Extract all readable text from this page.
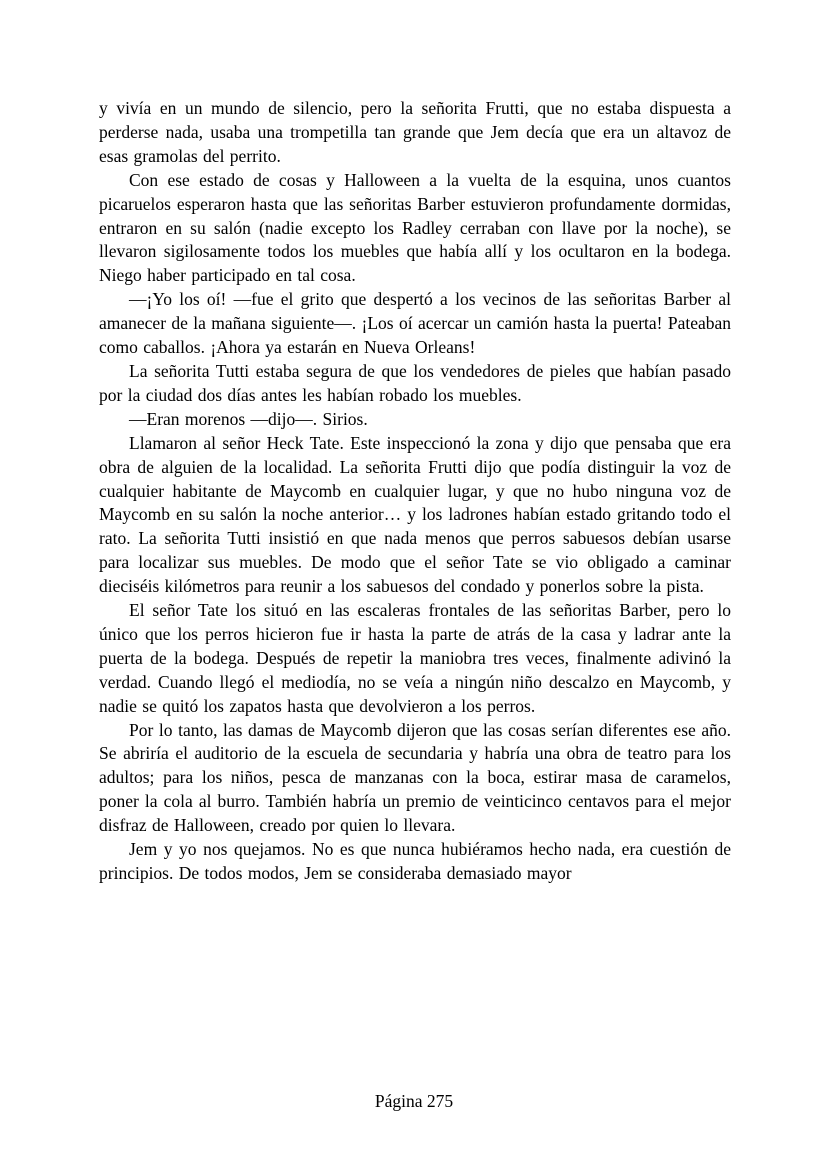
y vivía en un mundo de silencio, pero la señorita Frutti, que no estaba dispuesta a perderse nada, usaba una trompetilla tan grande que Jem decía que era un altavoz de esas gramolas del perrito.

Con ese estado de cosas y Halloween a la vuelta de la esquina, unos cuantos picaruelos esperaron hasta que las señoritas Barber estuvieron profundamente dormidas, entraron en su salón (nadie excepto los Radley cerraban con llave por la noche), se llevaron sigilosamente todos los muebles que había allí y los ocultaron en la bodega. Niego haber participado en tal cosa.

—¡Yo los oí! —fue el grito que despertó a los vecinos de las señoritas Barber al amanecer de la mañana siguiente—. ¡Los oí acercar un camión hasta la puerta! Pateaban como caballos. ¡Ahora ya estarán en Nueva Orleans!

La señorita Tutti estaba segura de que los vendedores de pieles que habían pasado por la ciudad dos días antes les habían robado los muebles.

—Eran morenos —dijo—. Sirios.

Llamaron al señor Heck Tate. Este inspeccionó la zona y dijo que pensaba que era obra de alguien de la localidad. La señorita Frutti dijo que podía distinguir la voz de cualquier habitante de Maycomb en cualquier lugar, y que no hubo ninguna voz de Maycomb en su salón la noche anterior… y los ladrones habían estado gritando todo el rato. La señorita Tutti insistió en que nada menos que perros sabuesos debían usarse para localizar sus muebles. De modo que el señor Tate se vio obligado a caminar dieciséis kilómetros para reunir a los sabuesos del condado y ponerlos sobre la pista.

El señor Tate los situó en las escaleras frontales de las señoritas Barber, pero lo único que los perros hicieron fue ir hasta la parte de atrás de la casa y ladrar ante la puerta de la bodega. Después de repetir la maniobra tres veces, finalmente adivinó la verdad. Cuando llegó el mediodía, no se veía a ningún niño descalzo en Maycomb, y nadie se quitó los zapatos hasta que devolvieron a los perros.

Por lo tanto, las damas de Maycomb dijeron que las cosas serían diferentes ese año. Se abriría el auditorio de la escuela de secundaria y habría una obra de teatro para los adultos; para los niños, pesca de manzanas con la boca, estirar masa de caramelos, poner la cola al burro. También habría un premio de veinticinco centavos para el mejor disfraz de Halloween, creado por quien lo llevara.

Jem y yo nos quejamos. No es que nunca hubiéramos hecho nada, era cuestión de principios. De todos modos, Jem se consideraba demasiado mayor

Página 275
